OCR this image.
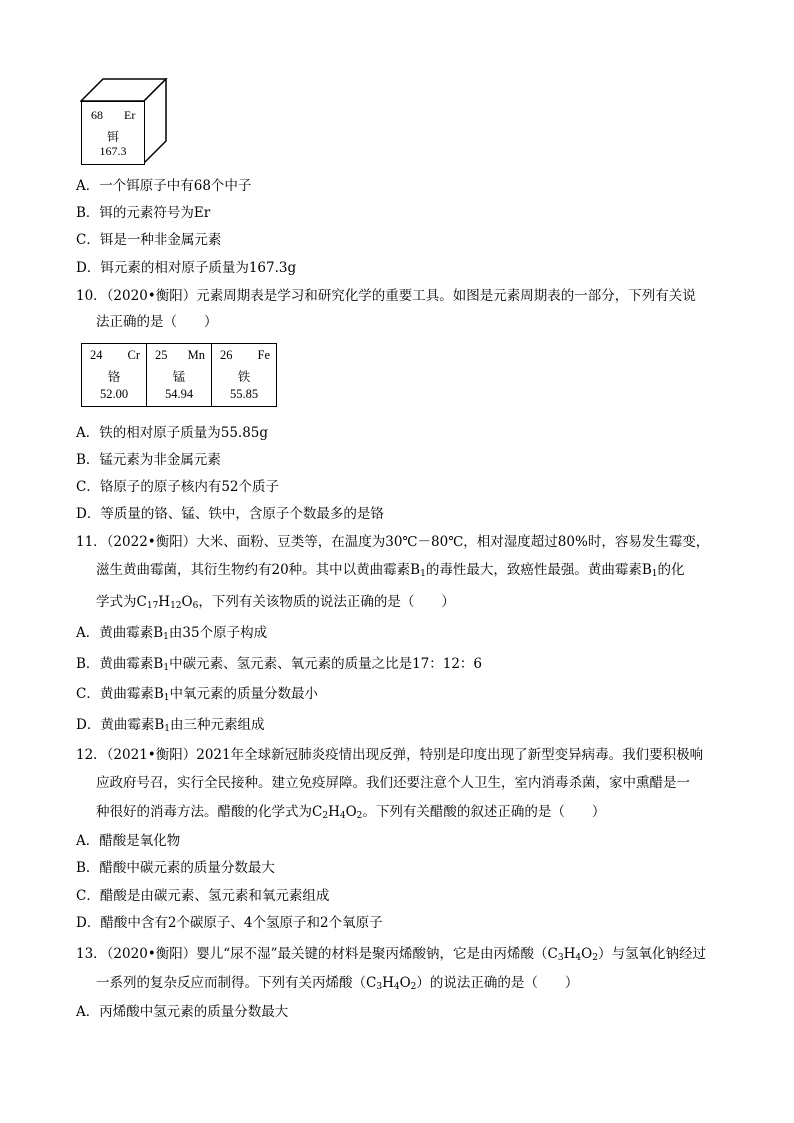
68 Er
铒
167.3
A．一个铒原子中有68个中子
B．铒的元素符号为Er
C．铒是一种非金属元素
D．铒元素的相对原子质量为167.3g
10．（2020•衡阳）元素周期表是学习和研究化学的重要工具。如图是元素周期表的一部分，下列有关说
法正确的是（　　）
24 Cr
铬
52.00

25 Mn
锰
54.94

26 Fe
铁
55.85
A．铁的相对原子质量为55.85g
B．锰元素为非金属元素
C．铬原子的原子核内有52个质子
D．等质量的铬、锰、铁中，含原子个数最多的是铬
11．（2022•衡阳）大米、面粉、豆类等，在温度为30℃－80℃，相对湿度超过80%时，容易发生霉变，
滋生黄曲霉菌，其衍生物约有20种。其中以黄曲霉素$B_1$的毒性最大，致癌性最强。黄曲霉素$B_1$的化
学式为$C_{17}H_{12}O_6$，下列有关该物质的说法正确的是（　　）
A．黄曲霉素$B_1$由35个原子构成
B．黄曲霉素$B_1$中碳元素、氢元素、氧元素的质量之比是17：12：6
C．黄曲霉素$B_1$中氧元素的质量分数最小
D．黄曲霉素$B_1$由三种元素组成
12．（2021•衡阳）2021年全球新冠肺炎疫情出现反弹，特别是印度出现了新型变异病毒。我们要积极响
应政府号召，实行全民接种。建立免疫屏障。我们还要注意个人卫生，室内消毒杀菌，家中熏醋是一
种很好的消毒方法。醋酸的化学式为$C_2H_4O_2$。下列有关醋酸的叙述正确的是（　　）
A．醋酸是氧化物
B．醋酸中碳元素的质量分数最大
C．醋酸是由碳元素、氢元素和氧元素组成
D．醋酸中含有2个碳原子、4个氢原子和2个氧原子
13．（2020•衡阳）婴儿“尿不湿”最关键的材料是聚丙烯酸钠，它是由丙烯酸$(C_3H_4O_2)$与氢氧化钠经过
一系列的复杂反应而制得。下列有关丙烯酸$(C_3H_4O_2)$的说法正确的是（　　）
A．丙烯酸中氢元素的质量分数最大
